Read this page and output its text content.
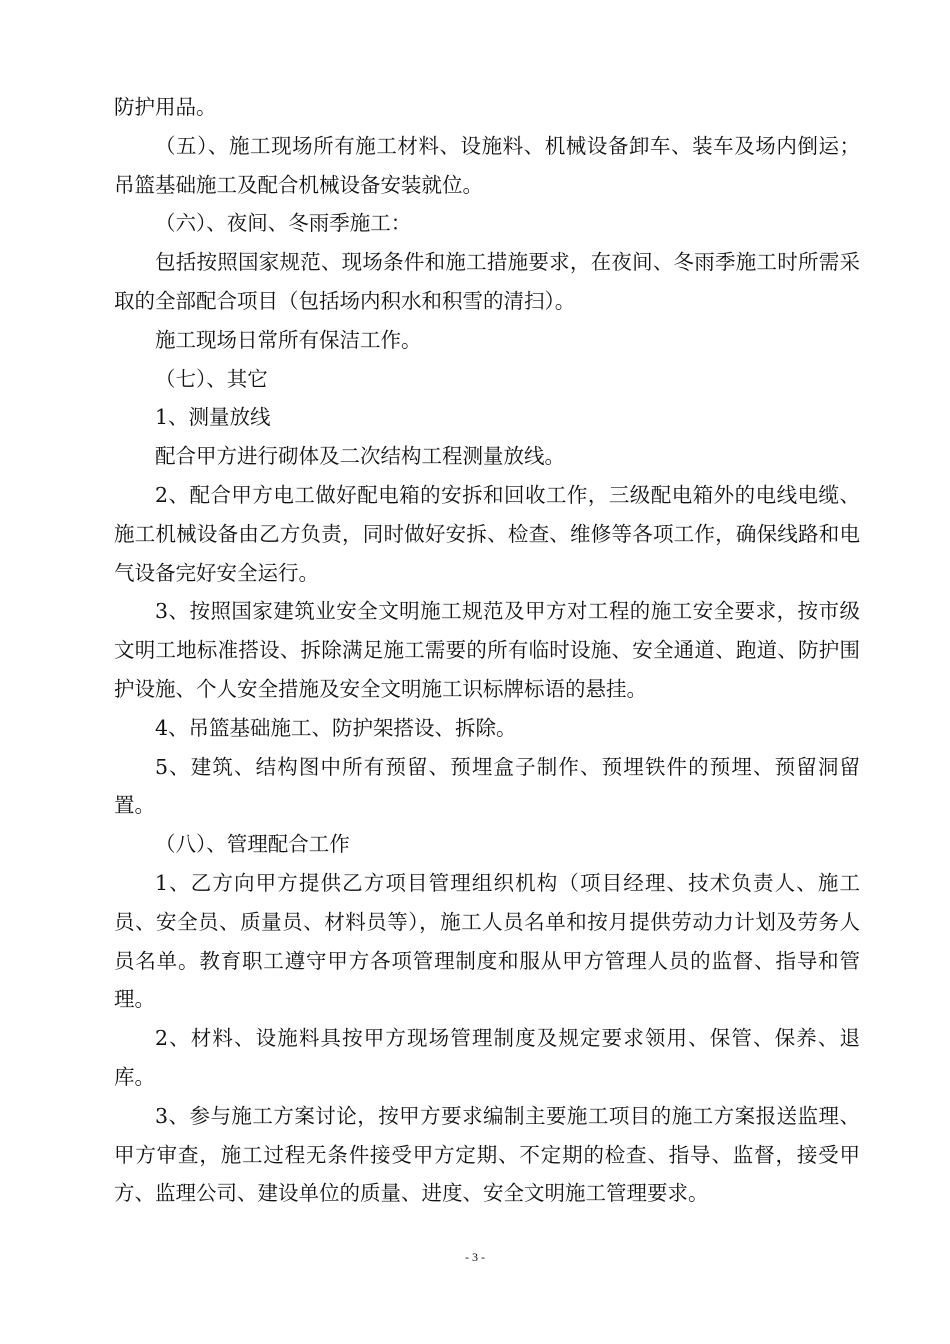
防护用品。

（五）、施工现场所有施工材料、设施料、机械设备卸车、装车及场内倒运；吊篮基础施工及配合机械设备安装就位。

（六）、夜间、冬雨季施工：

包括按照国家规范、现场条件和施工措施要求，在夜间、冬雨季施工时所需采取的全部配合项目（包括场内积水和积雪的清扫）。

施工现场日常所有保洁工作。

（七）、其它

1、测量放线

配合甲方进行砌体及二次结构工程测量放线。

2、配合甲方电工做好配电箱的安拆和回收工作，三级配电箱外的电线电缆、施工机械设备由乙方负责，同时做好安拆、检查、维修等各项工作，确保线路和电气设备完好安全运行。

3、按照国家建筑业安全文明施工规范及甲方对工程的施工安全要求，按市级文明工地标准搭设、拆除满足施工需要的所有临时设施、安全通道、跑道、防护围护设施、个人安全措施及安全文明施工识标牌标语的悬挂。

4、吊篮基础施工、防护架搭设、拆除。

5、建筑、结构图中所有预留、预埋盒子制作、预埋铁件的预埋、预留洞留置。

（八）、管理配合工作

1、乙方向甲方提供乙方项目管理组织机构（项目经理、技术负责人、施工员、安全员、质量员、材料员等），施工人员名单和按月提供劳动力计划及劳务人员名单。教育职工遵守甲方各项管理制度和服从甲方管理人员的监督、指导和管理。

2、材料、设施料具按甲方现场管理制度及规定要求领用、保管、保养、退库。

3、参与施工方案讨论，按甲方要求编制主要施工项目的施工方案报送监理、甲方审查，施工过程无条件接受甲方定期、不定期的检查、指导、监督，接受甲方、监理公司、建设单位的质量、进度、安全文明施工管理要求。

- 3 -
